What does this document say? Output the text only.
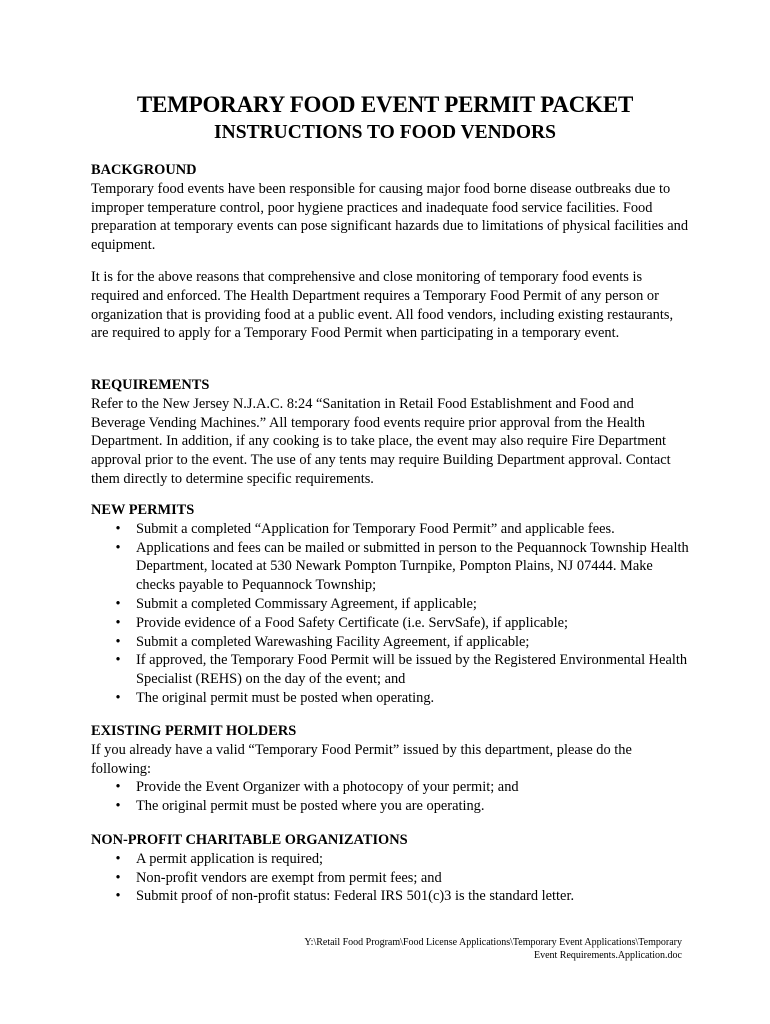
TEMPORARY FOOD EVENT PERMIT PACKET
INSTRUCTIONS TO FOOD VENDORS

BACKGROUND

Temporary food events have been responsible for causing major food borne disease outbreaks due to improper temperature control, poor hygiene practices and inadequate food service facilities. Food preparation at temporary events can pose significant hazards due to limitations of physical facilities and equipment.

It is for the above reasons that comprehensive and close monitoring of temporary food events is required and enforced. The Health Department requires a Temporary Food Permit of any person or organization that is providing food at a public event. All food vendors, including existing restaurants, are required to apply for a Temporary Food Permit when participating in a temporary event.

REQUIREMENTS

Refer to the New Jersey N.J.A.C. 8:24 “Sanitation in Retail Food Establishment and Food and Beverage Vending Machines.” All temporary food events require prior approval from the Health Department. In addition, if any cooking is to take place, the event may also require Fire Department approval prior to the event. The use of any tents may require Building Department approval. Contact them directly to determine specific requirements.

NEW PERMITS

• Submit a completed “Application for Temporary Food Permit” and applicable fees.
• Applications and fees can be mailed or submitted in person to the Pequannock Township Health Department, located at 530 Newark Pompton Turnpike, Pompton Plains, NJ 07444. Make checks payable to Pequannock Township;
• Submit a completed Commissary Agreement, if applicable;
• Provide evidence of a Food Safety Certificate (i.e. ServSafe), if applicable;
• Submit a completed Warewashing Facility Agreement, if applicable;
• If approved, the Temporary Food Permit will be issued by the Registered Environmental Health Specialist (REHS) on the day of the event; and
• The original permit must be posted when operating.

EXISTING PERMIT HOLDERS

If you already have a valid “Temporary Food Permit” issued by this department, please do the following:

• Provide the Event Organizer with a photocopy of your permit; and
• The original permit must be posted where you are operating.

NON-PROFIT CHARITABLE ORGANIZATIONS

• A permit application is required;
• Non-profit vendors are exempt from permit fees; and
• Submit proof of non-profit status: Federal IRS 501(c)3 is the standard letter.
Y:\Retail Food Program\Food License Applications\Temporary Event Applications\Temporary
Event Requirements.Application.doc
